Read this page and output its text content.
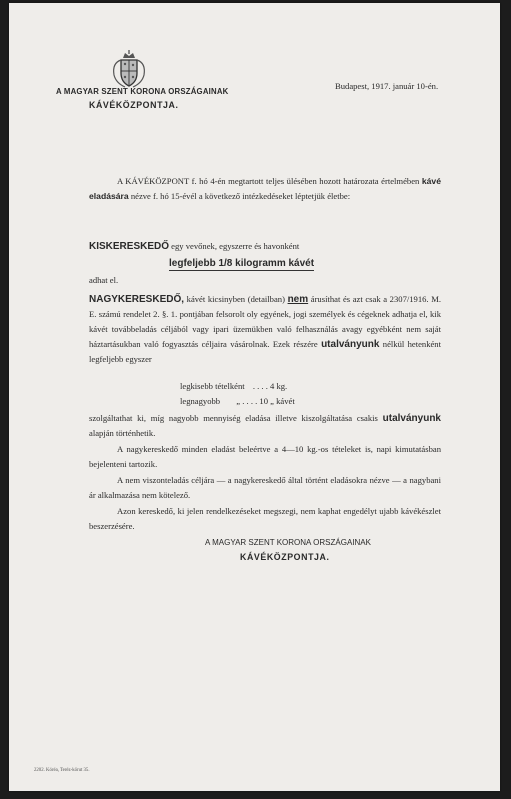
A MAGYAR SZENT KORONA ORSZÁGAINAK
KÁVÉKÖZPONTJA.
Budapest, 1917. január 10-én.
A KÁVÉKÖZPONT f. hó 4-én megtartott teljes ülésében hozott határozata értelmében kávé eladására nézve f. hó 15-évél a következő intézkedéseket léptetjük életbe:
KISKERESKEDŐ egy vevőnek, egyszerre és havonként
legfeljebb 1/8 kilogramm kávét
adhat el.
NAGYKERESKEDŐ, kávét kicsinyben (detailban) nem árusíthat és azt csak a 2307/1916. M. E. számú rendelet 2. §. 1. pontjában felsorolt oly egyének, jogi személyek és cégeknek adhatja el, kik kávét továbbeladás céljából vagy ipari üzemükben való felhasználás avagy egyébként nem saját háztartásukban való fogyasztás céljaira vásárolnak. Ezek részére utalványunk nélkül hetenként legfeljebb egyszer
legkisebb tételként . . . . 4 kg.
legnagyobb „ . . . . 10 „ kávét
szolgáltathat ki, míg nagyobb mennyiség eladása illetve kiszolgáltatása csakis utalványunk alapján történhetik.
A nagykereskedő minden eladást beleértve a 4—10 kg.-os tételeket is, napi kimutatásban bejelenteni tartozik.
A nem viszonteladás céljára — a nagykereskedő által történt eladásokra nézve — a nagybani ár alkalmazása nem kötelező.
Azon kereskedő, ki jelen rendelkezéseket megszegi, nem kaphat engedélyt ujabb kávékészlet beszerzésére.
A MAGYAR SZENT KORONA ORSZÁGAINAK
KÁVÉKÖZPONTJA.
2202. Kóréa, Teréz-körut 35.
